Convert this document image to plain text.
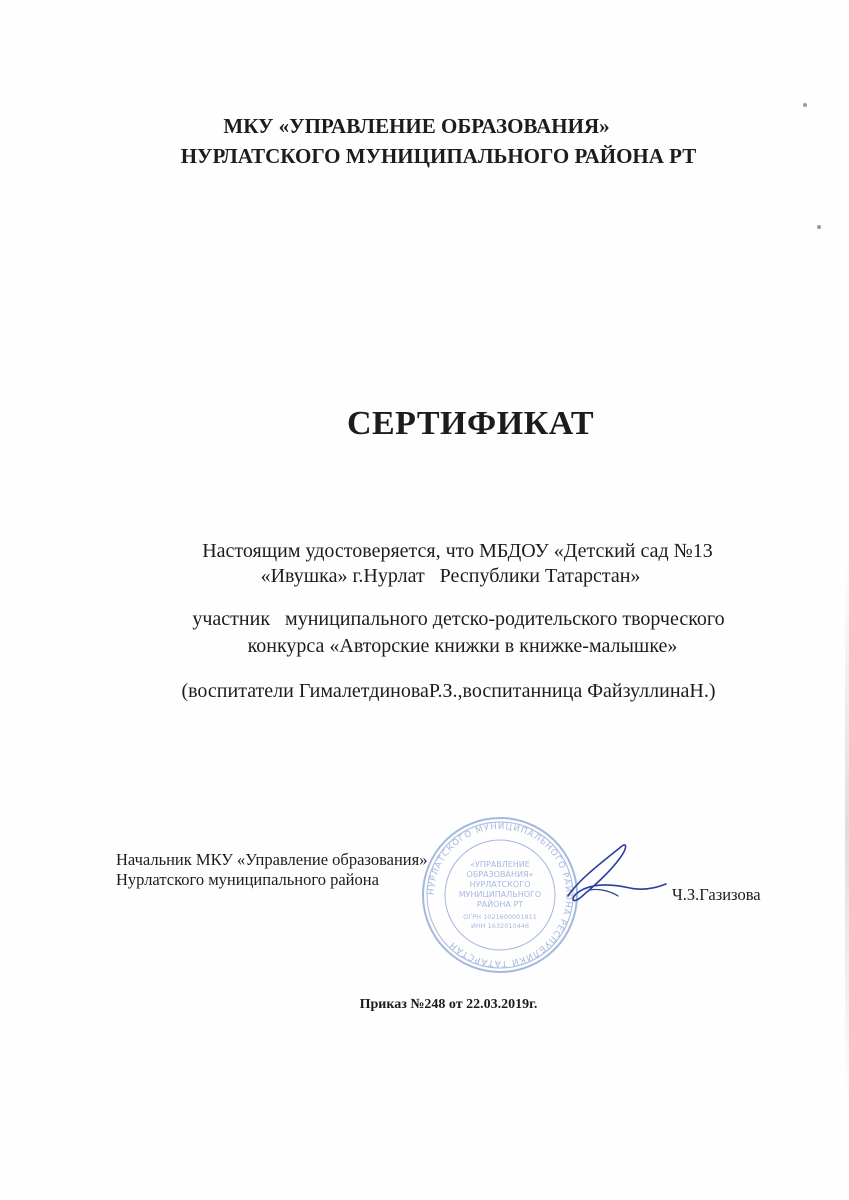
МКУ «УПРАВЛЕНИЕ ОБРАЗОВАНИЯ»
НУРЛАТСКОГО МУНИЦИПАЛЬНОГО РАЙОНА РТ
СЕРТИФИКАТ
Настоящим удостоверяется, что МБДОУ «Детский сад №13
«Ивушка» г.Нурлат   Республики Татарстан»
участник   муниципального детско-родительского творческого
конкурса «Авторские книжки в книжке-малышке»
(воспитатели ГималетдиноваР.З.,воспитанница ФайзуллинаН.)
НУРЛАТСКОГО МУНИЦИПАЛЬНОГО РАЙОНА РЕСПУБЛИКИ ТАТАРСТАН
«УПРАВЛЕНИЕ
ОБРАЗОВАНИЯ»
НУРЛАТСКОГО
МУНИЦИПАЛЬНОГО
РАЙОНА РТ
ОГРН 1021600001811
ИНН 1632010446
Начальник МКУ «Управление образования»
Нурлатского муниципального района
Ч.З.Газизова
Приказ №248 от 22.03.2019г.
